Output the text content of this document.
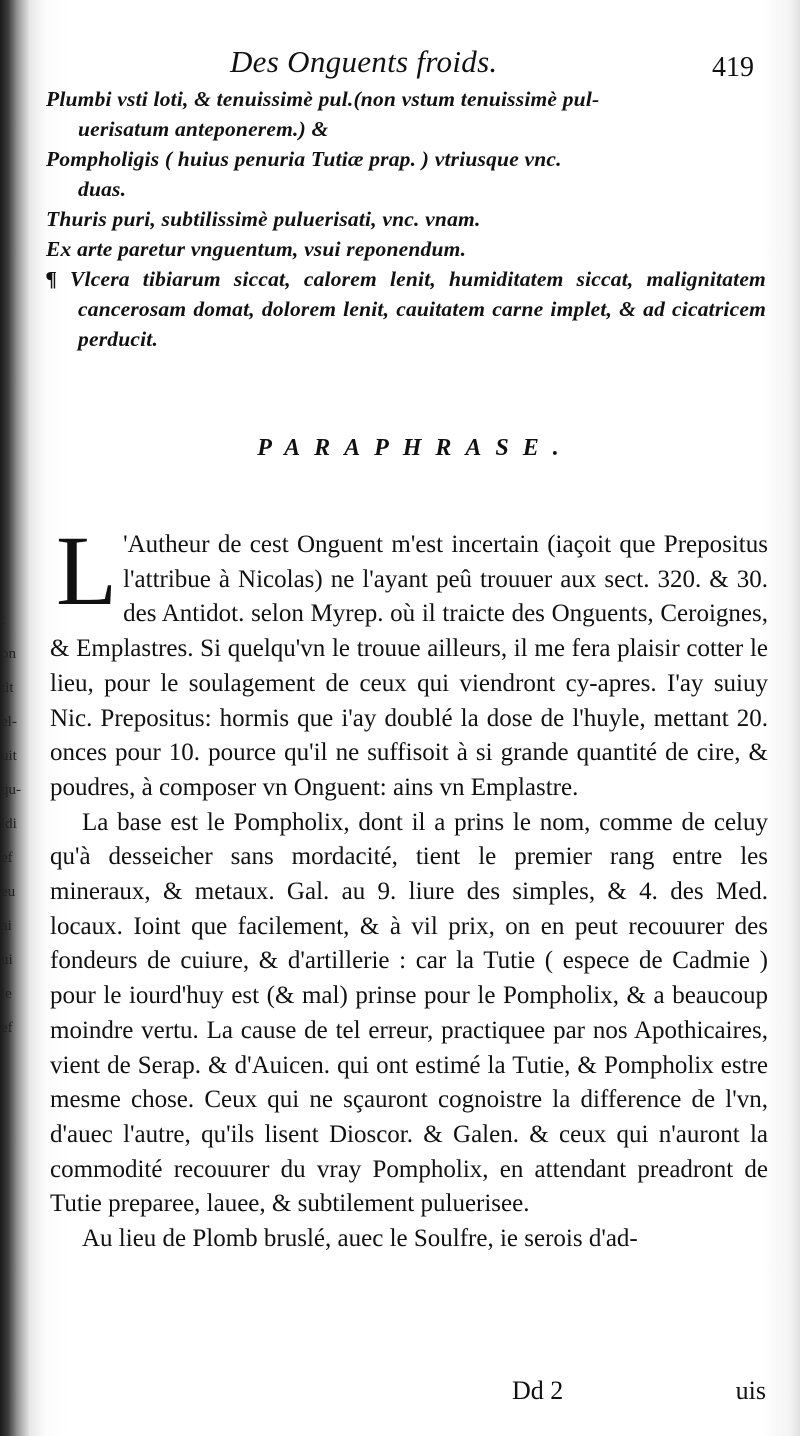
t
on
tit
el-
uit
qu-
ldi
ef
eu
ai
ui
le
ef
Des Onguents froids.	419

Plumbi vsti loti, & tenuissimè pul.(non vstum tenuissimè pul-

uerisatum anteponerem.) &

Pompholigis ( huius penuria Tutiæ prap. ) vtriusque vnc.

duas.

Thuris puri, subtilissimè puluerisati, vnc. vnam.

Ex arte paretur vnguentum, vsui reponendum.

¶ Vlcera tibiarum siccat, calorem lenit, humiditatem siccat, malignitatem cancerosam domat, dolorem lenit, cauitatem carne implet, & ad cicatricem perducit.

PARAPHRASE.

L 'Autheur de cest Onguent m'est incertain (iaçoit que Prepositus l'attribue à Nicolas) ne l'ayant peû trouuer aux sect. 320. & 30. des Antidot. selon Myrep. où il traicte des Onguents, Ceroignes, & Emplastres. Si quelqu'vn le trouue ailleurs, il me fera plaisir cotter le lieu, pour le soulagement de ceux qui viendront cy-apres. I'ay suiuy Nic. Prepositus: hormis que i'ay doublé la dose de l'huyle, mettant 20. onces pour 10. pource qu'il ne suffisoit à si grande quantité de cire, & poudres, à composer vn Onguent: ains vn Emplastre.

La base est le Pompholix, dont il a prins le nom, comme de celuy qu'à desseicher sans mordacité, tient le premier rang entre les mineraux, & metaux. Gal. au 9. liure des simples, & 4. des Med. locaux. Ioint que facilement, & à vil prix, on en peut recouurer des fondeurs de cuiure, & d'artillerie : car la Tutie ( espece de Cadmie ) pour le iourd'huy est (& mal) prinse pour le Pompholix, & a beaucoup moindre vertu. La cause de tel erreur, practiquee par nos Apothicaires, vient de Serap. & d'Auicen. qui ont estimé la Tutie, & Pompholix estre mesme chose. Ceux qui ne sçauront cognoistre la difference de l'vn, d'auec l'autre, qu'ils lisent Dioscor. & Galen. & ceux qui n'auront la commodité recouurer du vray Pompholix, en attendant preadront de Tutie preparee, lauee, & subtilement puluerisee.

Au lieu de Plomb bruslé, auec le Soulfre, ie serois d'ad-

Dd 2	uis
